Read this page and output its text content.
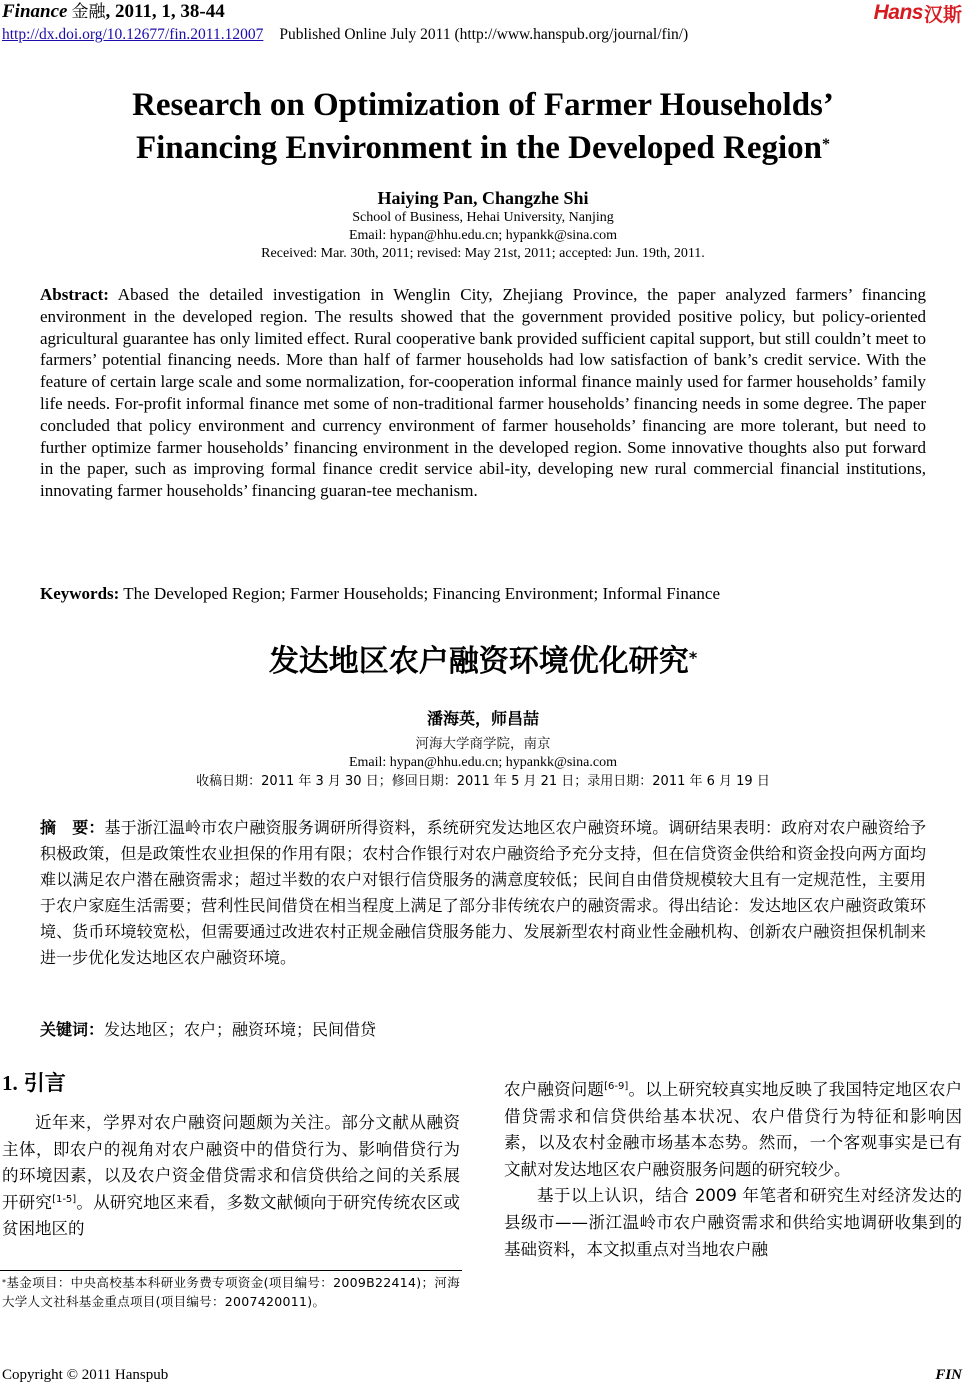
Finance 金融, 2011, 1, 38-44
http://dx.doi.org/10.12677/fin.2011.12007 Published Online July 2011 (http://www.hanspub.org/journal/fin/)
Hans 汉斯
Research on Optimization of Farmer Households’
Financing Environment in the Developed Region*
Haiying Pan, Changzhe Shi
School of Business, Hehai University, Nanjing
Email: hypan@hhu.edu.cn; hypankk@sina.com
Received: Mar. 30th, 2011; revised: May 21st, 2011; accepted: Jun. 19th, 2011.
Abstract: Abased the detailed investigation in Wenglin City, Zhejiang Province, the paper analyzed farmers’ financing environment in the developed region. The results showed that the government provided positive policy, but policy-oriented agricultural guarantee has only limited effect. Rural cooperative bank provided sufficient capital support, but still couldn’t meet to farmers’ potential financing needs. More than half of farmer households had low satisfaction of bank’s credit service. With the feature of certain large scale and some normalization, for-cooperation informal finance mainly used for farmer households’ family life needs. For-profit informal finance met some of non-traditional farmer households’ financing needs in some degree. The paper concluded that policy environment and currency environment of farmer households’ financing are more tolerant, but need to further optimize farmer households’ financing environment in the developed region. Some innovative thoughts also put forward in the paper, such as improving formal finance credit service abil-ity, developing new rural commercial financial institutions, innovating farmer households’ financing guaran-tee mechanism.
Keywords: The Developed Region; Farmer Households; Financing Environment; Informal Finance
发达地区农户融资环境优化研究*
潘海英，师昌喆
河海大学商学院，南京
Email: hypan@hhu.edu.cn; hypankk@sina.com
收稿日期：2011 年 3 月 30 日；修回日期：2011 年 5 月 21 日；录用日期：2011 年 6 月 19 日
摘　要：基于浙江温岭市农户融资服务调研所得资料，系统研究发达地区农户融资环境。调研结果表明：政府对农户融资给予积极政策，但是政策性农业担保的作用有限；农村合作银行对农户融资给予充分支持，但在信贷资金供给和资金投向两方面均难以满足农户潜在融资需求；超过半数的农户对银行信贷服务的满意度较低；民间自由借贷规模较大且有一定规范性，主要用于农户家庭生活需要；营利性民间借贷在相当程度上满足了部分非传统农户的融资需求。得出结论：发达地区农户融资政策环境、货币环境较宽松，但需要通过改进农村正规金融信贷服务能力、发展新型农村商业性金融机构、创新农户融资担保机制来进一步优化发达地区农户融资环境。
关键词：发达地区；农户；融资环境；民间借贷
1. 引言
近年来，学界对农户融资问题颇为关注。部分文献从融资主体，即农户的视角对农户融资中的借贷行为、影响借贷行为的环境因素，以及农户资金借贷需求和信贷供给之间的关系展开研究[1-5]。从研究地区来看，多数文献倾向于研究传统农区或贫困地区的
*基金项目：中央高校基本科研业务费专项资金(项目编号：2009B22414)；河海大学人文社科基金重点项目(项目编号：2007420011)。
农户融资问题[6-9]。以上研究较真实地反映了我国特定地区农户借贷需求和信贷供给基本状况、农户借贷行为特征和影响因素，以及农村金融市场基本态势。然而，一个客观事实是已有文献对发达地区农户融资服务问题的研究较少。
基于以上认识，结合 2009 年笔者和研究生对经济发达的县级市——浙江温岭市农户融资需求和供给实地调研收集到的基础资料，本文拟重点对当地农户融
Copyright © 2011 Hanspub	FIN
